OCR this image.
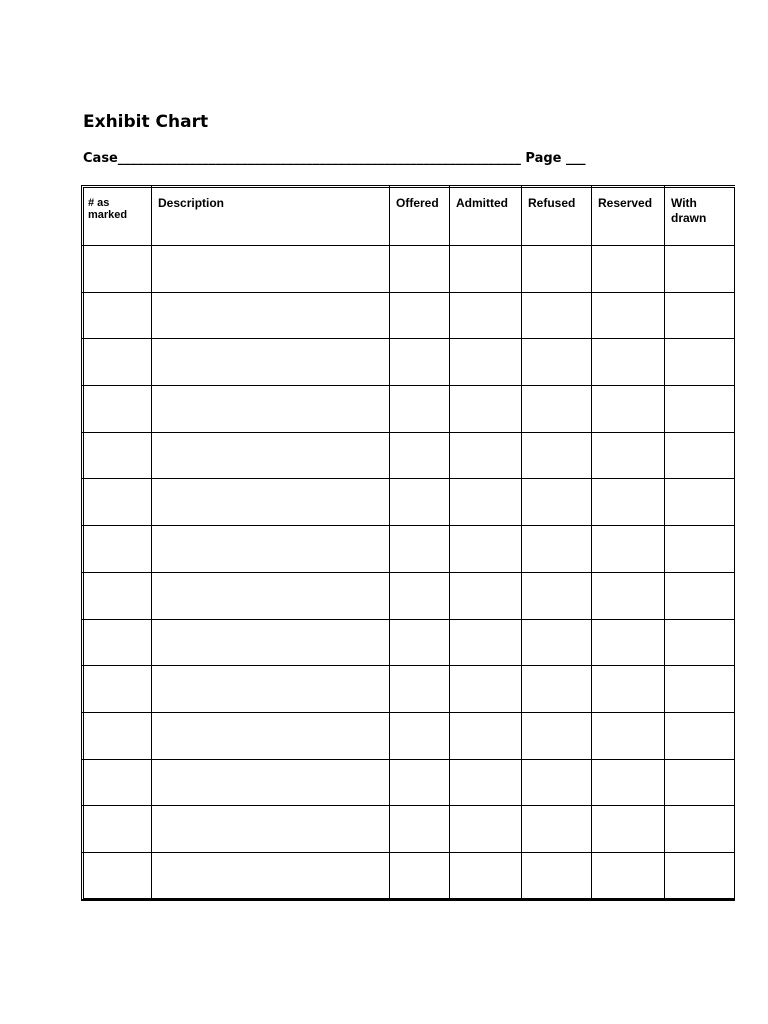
Exhibit Chart
Case______________________________________________________________ Page ___
# as
marked	Description	Offered	Admitted	Refused	Reserved	With
drawn
